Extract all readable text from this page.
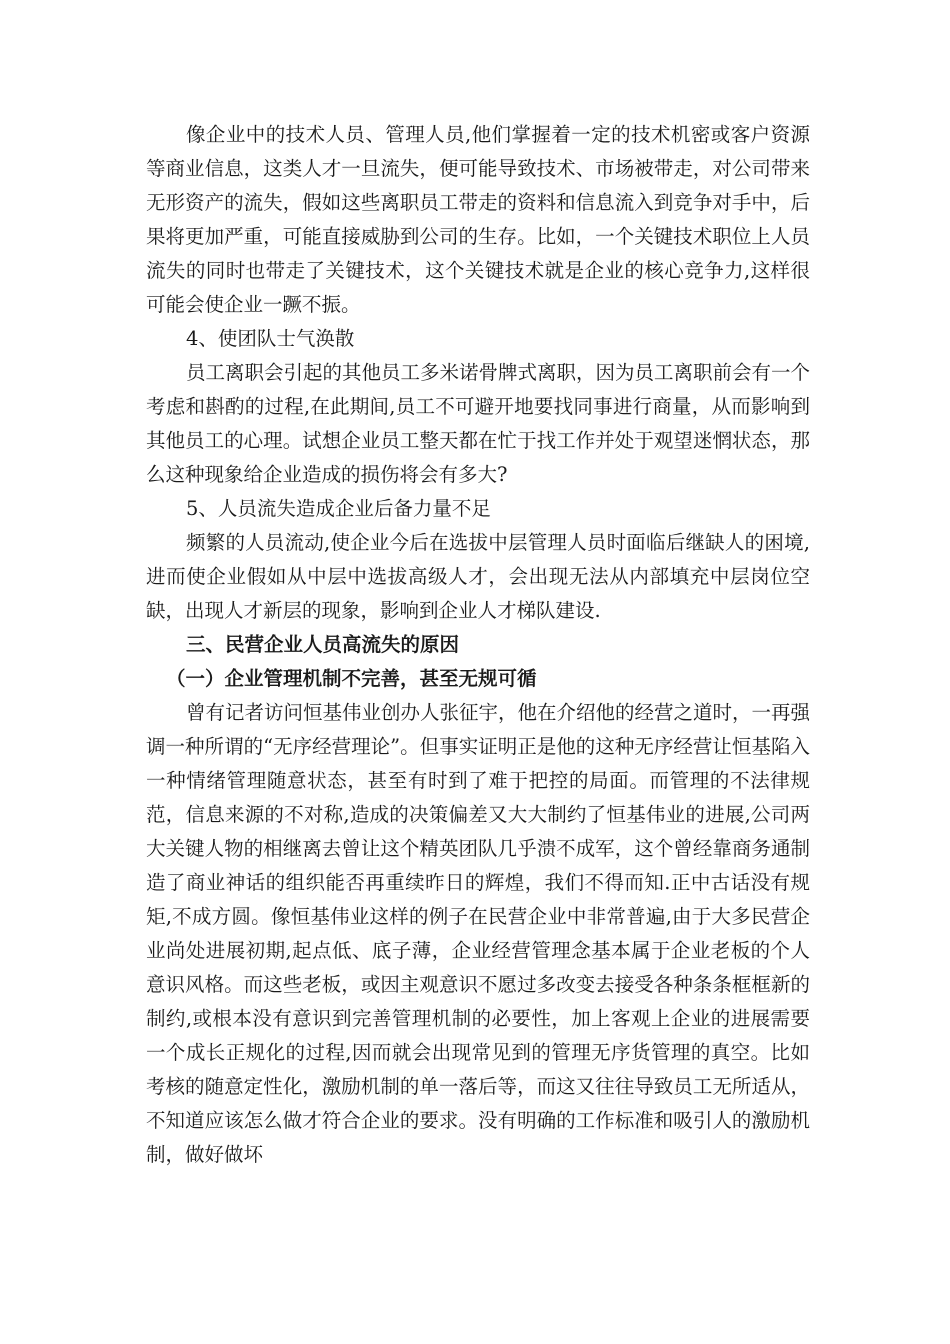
像企业中的技术人员、管理人员,他们掌握着一定的技术机密或客户资源等商业信息，这类人才一旦流失，便可能导致技术、市场被带走，对公司带来无形资产的流失，假如这些离职员工带走的资料和信息流入到竞争对手中，后果将更加严重，可能直接威胁到公司的生存。比如，一个关键技术职位上人员流失的同时也带走了关键技术，这个关键技术就是企业的核心竞争力,这样很可能会使企业一蹶不振。

4、使团队士气涣散

员工离职会引起的其他员工多米诺骨牌式离职，因为员工离职前会有一个考虑和斟酌的过程,在此期间,员工不可避开地要找同事进行商量，从而影响到其他员工的心理。试想企业员工整天都在忙于找工作并处于观望迷惘状态，那么这种现象给企业造成的损伤将会有多大?

5、人员流失造成企业后备力量不足

频繁的人员流动,使企业今后在选拔中层管理人员时面临后继缺人的困境,进而使企业假如从中层中选拔高级人才，会出现无法从内部填充中层岗位空缺，出现人才新层的现象，影响到企业人才梯队建设.

三、民营企业人员高流失的原因

（一）企业管理机制不完善，甚至无规可循

曾有记者访问恒基伟业创办人张征宇，他在介绍他的经营之道时，一再强调一种所谓的“无序经营理论”。但事实证明正是他的这种无序经营让恒基陷入一种情绪管理随意状态，甚至有时到了难于把控的局面。而管理的不法律规范，信息来源的不对称,造成的决策偏差又大大制约了恒基伟业的进展,公司两大关键人物的相继离去曾让这个精英团队几乎溃不成军，这个曾经靠商务通制造了商业神话的组织能否再重续昨日的辉煌，我们不得而知.正中古话没有规矩,不成方圆。像恒基伟业这样的例子在民营企业中非常普遍,由于大多民营企业尚处进展初期,起点低、底子薄，企业经营管理念基本属于企业老板的个人意识风格。而这些老板，或因主观意识不愿过多改变去接受各种条条框框新的制约,或根本没有意识到完善管理机制的必要性，加上客观上企业的进展需要一个成长正规化的过程,因而就会出现常见到的管理无序货管理的真空。比如考核的随意定性化，激励机制的单一落后等，而这又往往导致员工无所适从，不知道应该怎么做才符合企业的要求。没有明确的工作标准和吸引人的激励机制，做好做坏
